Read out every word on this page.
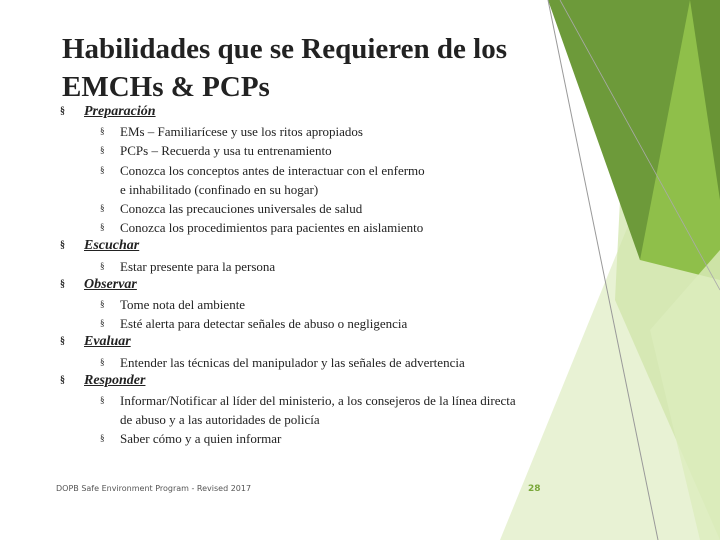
Habilidades que se Requieren de los
EMCHs & PCPs
§ Preparación
§ EMs – Familiarícese y use los ritos apropiados
§ PCPs – Recuerda y usa tu entrenamiento
§ Conozca los conceptos antes de interactuar con el enfermo
e inhabilitado (confinado en su hogar)
§ Conozca las precauciones universales de salud
§ Conozca los procedimientos para pacientes en aislamiento
§ Escuchar
§ Estar presente para la persona
§ Observar
§ Tome nota del ambiente
§ Esté alerta para detectar señales de abuso o negligencia
§ Evaluar
§ Entender las técnicas del manipulador y las señales de advertencia
§ Responder
§ Informar/Notificar al líder del ministerio, a los consejeros de la línea directa
de abuso y a las autoridades de policía
§ Saber cómo y a quien informar
DOPB Safe Environment Program - Revised 2017	28
